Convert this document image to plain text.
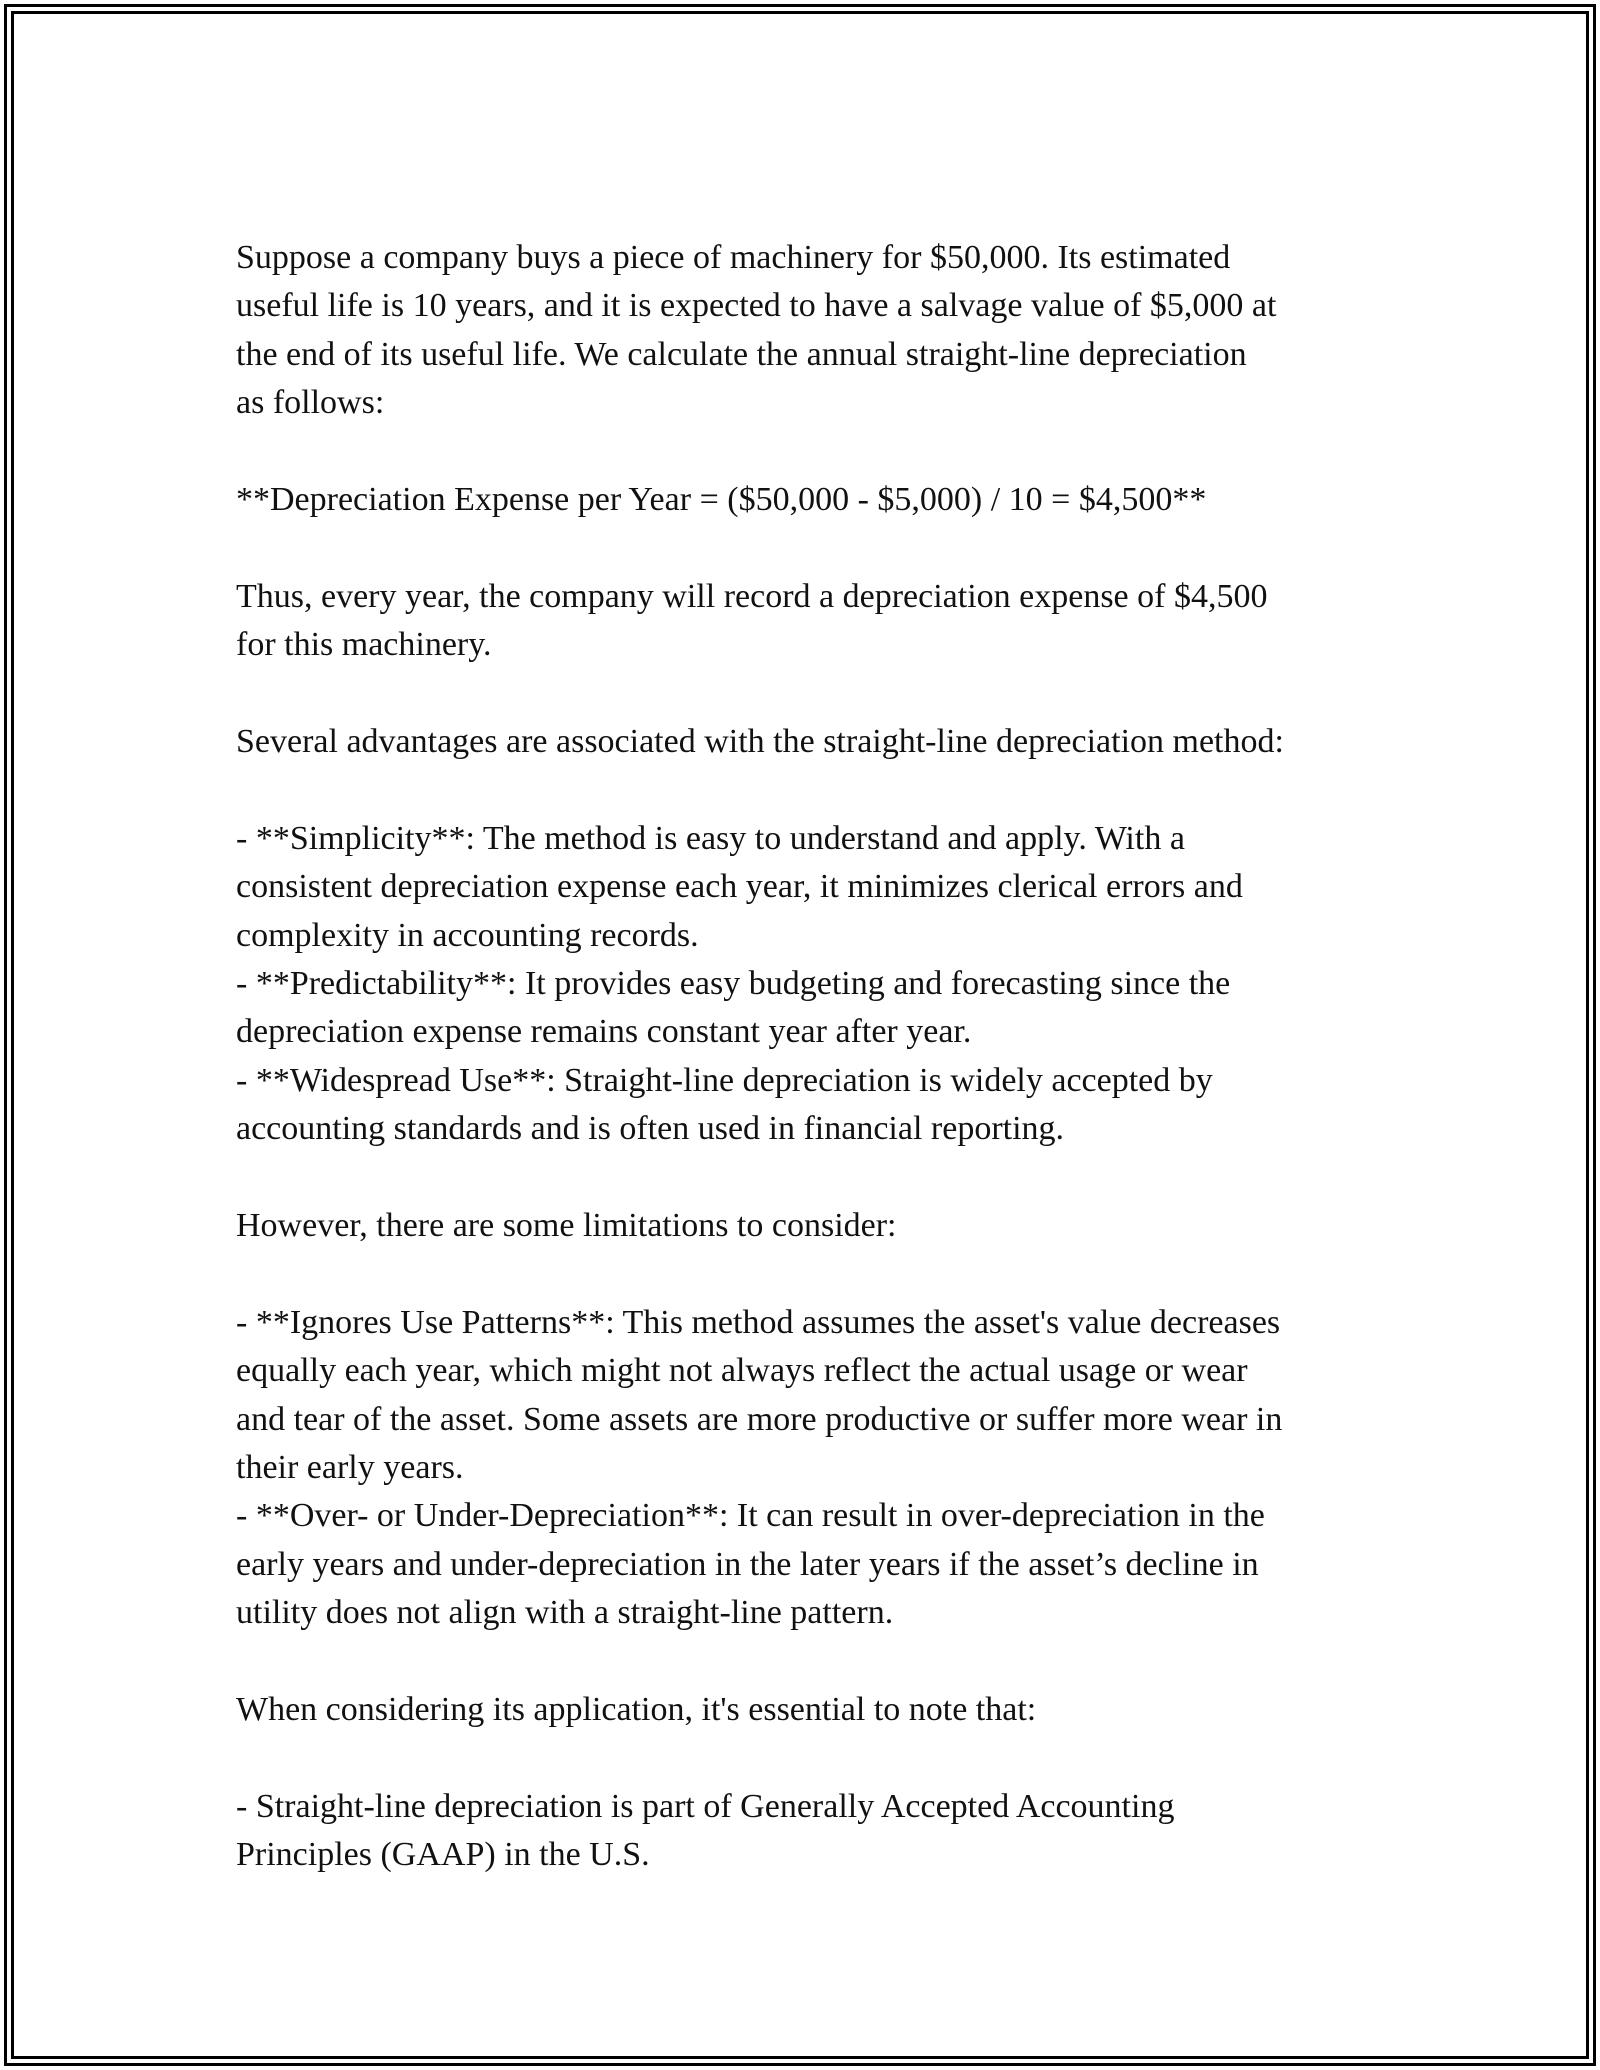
Suppose a company buys a piece of machinery for $50,000. Its estimated
useful life is 10 years, and it is expected to have a salvage value of $5,000 at
the end of its useful life. We calculate the annual straight-line depreciation
as follows:

**Depreciation Expense per Year = ($50,000 - $5,000) / 10 = $4,500**

Thus, every year, the company will record a depreciation expense of $4,500
for this machinery.

Several advantages are associated with the straight-line depreciation method:

- **Simplicity**: The method is easy to understand and apply. With a
consistent depreciation expense each year, it minimizes clerical errors and
complexity in accounting records.
- **Predictability**: It provides easy budgeting and forecasting since the
depreciation expense remains constant year after year.
- **Widespread Use**: Straight-line depreciation is widely accepted by
accounting standards and is often used in financial reporting.

However, there are some limitations to consider:

- **Ignores Use Patterns**: This method assumes the asset's value decreases
equally each year, which might not always reflect the actual usage or wear
and tear of the asset. Some assets are more productive or suffer more wear in
their early years.
- **Over- or Under-Depreciation**: It can result in over-depreciation in the
early years and under-depreciation in the later years if the asset’s decline in
utility does not align with a straight-line pattern.

When considering its application, it's essential to note that:

- Straight-line depreciation is part of Generally Accepted Accounting
Principles (GAAP) in the U.S.
